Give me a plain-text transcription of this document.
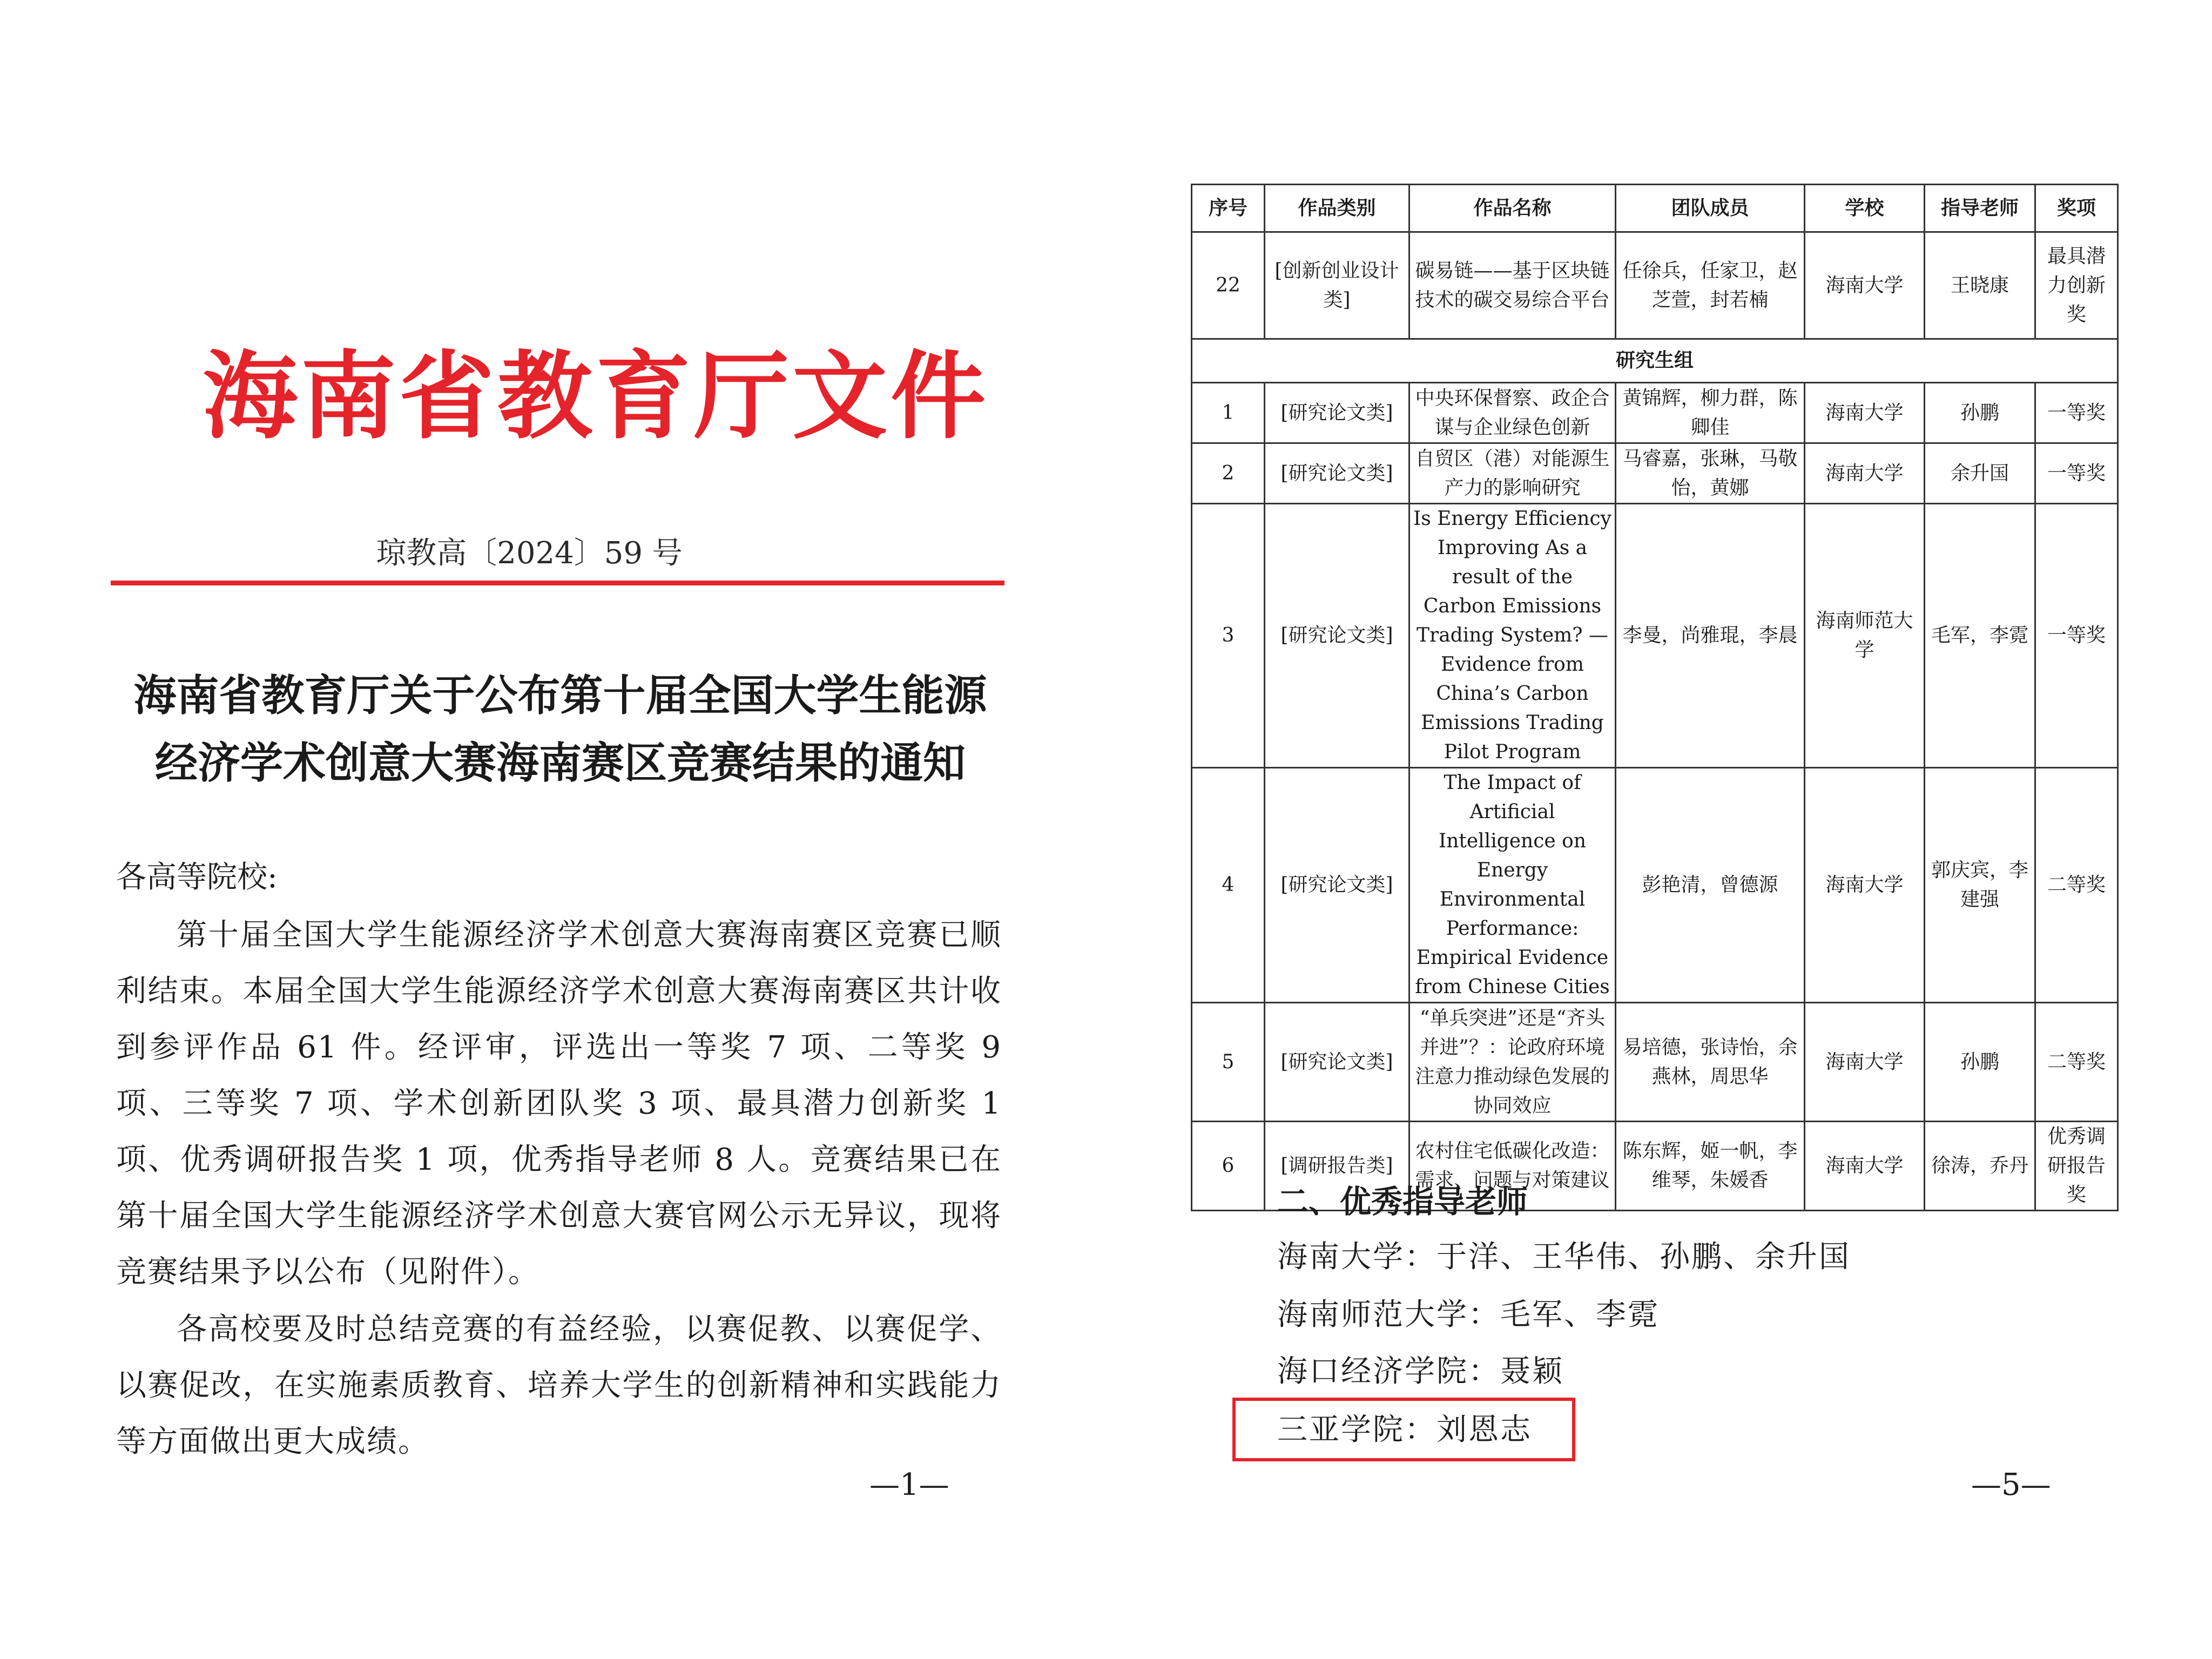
海南省教育厅文件
琼教高〔2024〕59 号
海南省教育厅关于公布第十届全国大学生能源
经济学术创意大赛海南赛区竞赛结果的通知
各高等院校:
第十届全国大学生能源经济学术创意大赛海南赛区竞赛已顺利结束。本届全国大学生能源经济学术创意大赛海南赛区共计收到参评作品 61 件。经评审，评选出一等奖 7 项、二等奖 9 项、三等奖 7 项、学术创新团队奖 3 项、最具潜力创新奖 1 项、优秀调研报告奖 1 项，优秀指导老师 8 人。竞赛结果已在第十届全国大学生能源经济学术创意大赛官网公示无异议，现将竞赛结果予以公布（见附件）。
各高校要及时总结竞赛的有益经验，以赛促教、以赛促学、以赛促改，在实施素质教育、培养大学生的创新精神和实践能力等方面做出更大成绩。
—1—
序号	作品类别	作品名称	团队成员	学校	指导老师	奖项
22	[创新创业设计类]	碳易链——基于区块链技术的碳交易综合平台	任徐兵，任家卫，赵芝萱，封若楠	海南大学	王晓康	最具潜力创新奖
研究生组						
1	[研究论文类]	中央环保督察、政企合谋与企业绿色创新	黄锦辉，柳力群，陈卿佳	海南大学	孙鹏	一等奖
2	[研究论文类]	自贸区（港）对能源生产力的影响研究	马睿嘉，张琳，马敬怡，黄娜	海南大学	余升国	一等奖
3	[研究论文类]	Is Energy Efficiency Improving As a result of the Carbon Emissions Trading System? —Evidence from China’s Carbon Emissions Trading Pilot Program	李曼，尚雅琨，李晨	海南师范大学	毛军，李霓	一等奖
4	[研究论文类]	The Impact of Artificial Intelligence on Energy Environmental Performance: Empirical Evidence from Chinese Cities	彭艳清，曾德源	海南大学	郭庆宾，李建强	二等奖
5	[研究论文类]	“单兵突进”还是“齐头并进”？：论政府环境注意力推动绿色发展的协同效应	易培德，张诗怡，余燕林，周思华	海南大学	孙鹏	二等奖
6	[调研报告类]	农村住宅低碳化改造：需求、问题与对策建议	陈东辉，姬一帆，李维琴，朱媛香	海南大学	徐涛，乔丹	优秀调研报告奖
二、优秀指导老师
海南大学：于洋、王华伟、孙鹏、余升国
海南师范大学：毛军、李霓
海口经济学院：聂颖
三亚学院：刘恩志
—5—
